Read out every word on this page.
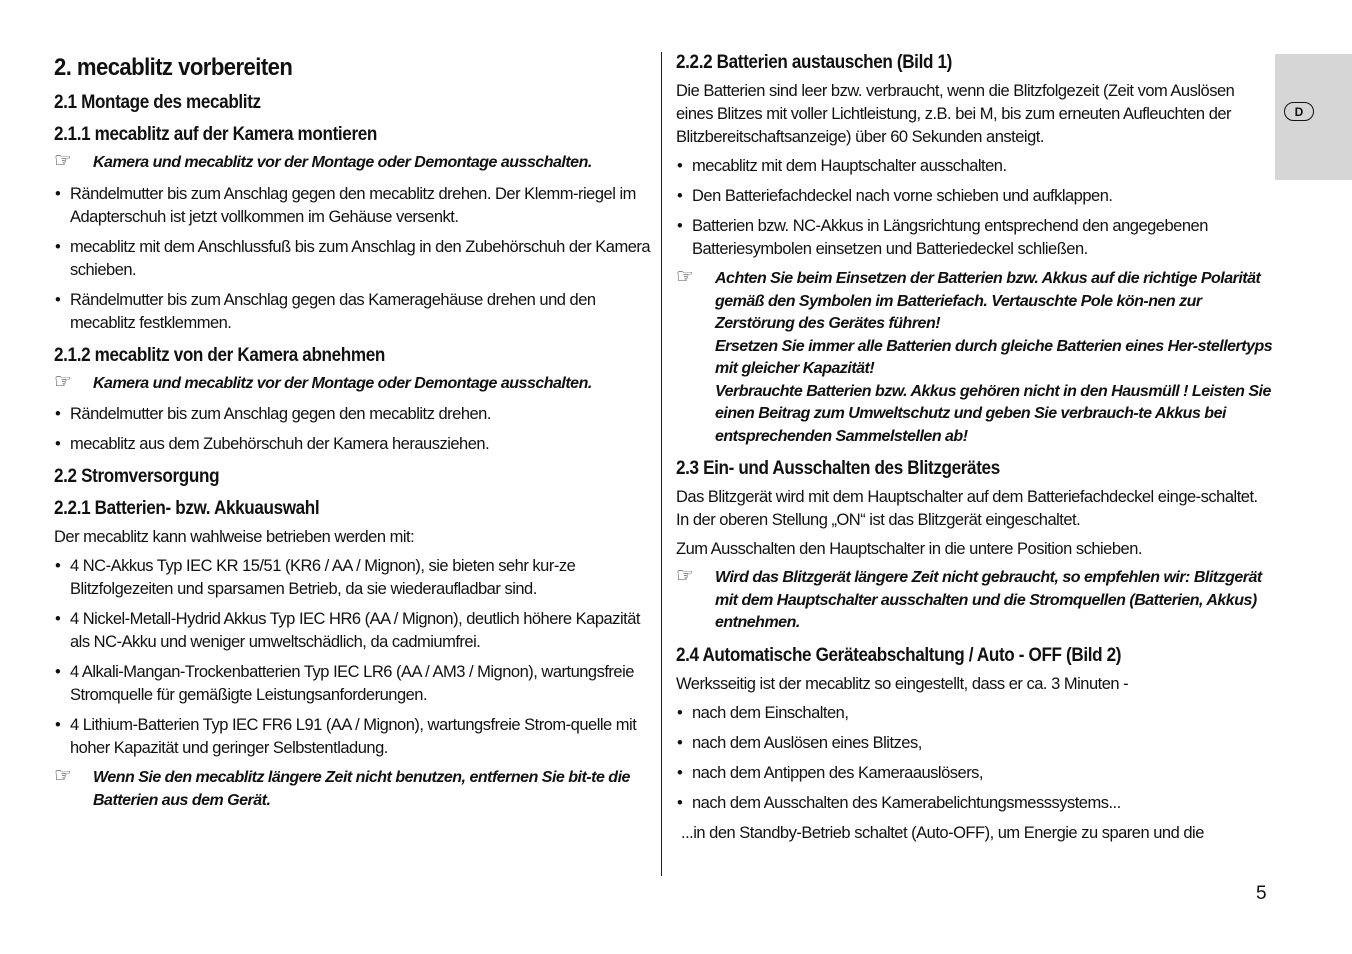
D
2. mecablitz vorbereiten
2.1 Montage des mecablitz
2.1.1 mecablitz auf der Kamera montieren
☞ Kamera und mecablitz vor der Montage oder Demontage ausschalten.
• Rändelmutter bis zum Anschlag gegen den mecablitz drehen. Der Klemm-riegel im Adapterschuh ist jetzt vollkommen im Gehäuse versenkt.
• mecablitz mit dem Anschlussfuß bis zum Anschlag in den Zubehörschuh der Kamera schieben.
• Rändelmutter bis zum Anschlag gegen das Kameragehäuse drehen und den mecablitz festklemmen.
2.1.2 mecablitz von der Kamera abnehmen
☞ Kamera und mecablitz vor der Montage oder Demontage ausschalten.
• Rändelmutter bis zum Anschlag gegen den mecablitz drehen.
• mecablitz aus dem Zubehörschuh der Kamera herausziehen.
2.2 Stromversorgung
2.2.1 Batterien- bzw. Akkuauswahl
Der mecablitz kann wahlweise betrieben werden mit:
• 4 NC-Akkus Typ IEC KR 15/51 (KR6 / AA / Mignon), sie bieten sehr kur-ze Blitzfolgezeiten und sparsamen Betrieb, da sie wiederaufladbar sind.
• 4 Nickel-Metall-Hydrid Akkus Typ IEC HR6 (AA / Mignon), deutlich höhere Kapazität als NC-Akku und weniger umweltschädlich, da cadmiumfrei.
• 4 Alkali-Mangan-Trockenbatterien Typ IEC LR6 (AA / AM3 / Mignon), wartungsfreie Stromquelle für gemäßigte Leistungsanforderungen.
• 4 Lithium-Batterien Typ IEC FR6 L91 (AA / Mignon), wartungsfreie Strom-quelle mit hoher Kapazität und geringer Selbstentladung.
☞ Wenn Sie den mecablitz längere Zeit nicht benutzen, entfernen Sie bit-te die Batterien aus dem Gerät.
2.2.2 Batterien austauschen (Bild 1)
Die Batterien sind leer bzw. verbraucht, wenn die Blitzfolgezeit (Zeit vom Auslösen eines Blitzes mit voller Lichtleistung, z.B. bei M, bis zum erneuten Aufleuchten der Blitzbereitschaftsanzeige) über 60 Sekunden ansteigt.
• mecablitz mit dem Hauptschalter ausschalten.
• Den Batteriefachdeckel nach vorne schieben und aufklappen.
• Batterien bzw. NC-Akkus in Längsrichtung entsprechend den angegebenen Batteriesymbolen einsetzen und Batteriedeckel schließen.
☞ Achten Sie beim Einsetzen der Batterien bzw. Akkus auf die richtige Polarität gemäß den Symbolen im Batteriefach. Vertauschte Pole kön-nen zur Zerstörung des Gerätes führen!
Ersetzen Sie immer alle Batterien durch gleiche Batterien eines Her-stellertyps mit gleicher Kapazität!
Verbrauchte Batterien bzw. Akkus gehören nicht in den Hausmüll ! Leisten Sie einen Beitrag zum Umweltschutz und geben Sie verbrauch-te Akkus bei entsprechenden Sammelstellen ab!
2.3 Ein- und Ausschalten des Blitzgerätes
Das Blitzgerät wird mit dem Hauptschalter auf dem Batteriefachdeckel einge-schaltet. In der oberen Stellung „ON“ ist das Blitzgerät eingeschaltet.
Zum Ausschalten den Hauptschalter in die untere Position schieben.
☞ Wird das Blitzgerät längere Zeit nicht gebraucht, so empfehlen wir: Blitzgerät mit dem Hauptschalter ausschalten und die Stromquellen (Batterien, Akkus) entnehmen.
2.4 Automatische Geräteabschaltung / Auto - OFF (Bild 2)
Werksseitig ist der mecablitz so eingestellt, dass er ca. 3 Minuten -
• nach dem Einschalten,
• nach dem Auslösen eines Blitzes,
• nach dem Antippen des Kameraauslösers,
• nach dem Ausschalten des Kamerabelichtungsmesssystems...
...in den Standby-Betrieb schaltet (Auto-OFF), um Energie zu sparen und die
5
